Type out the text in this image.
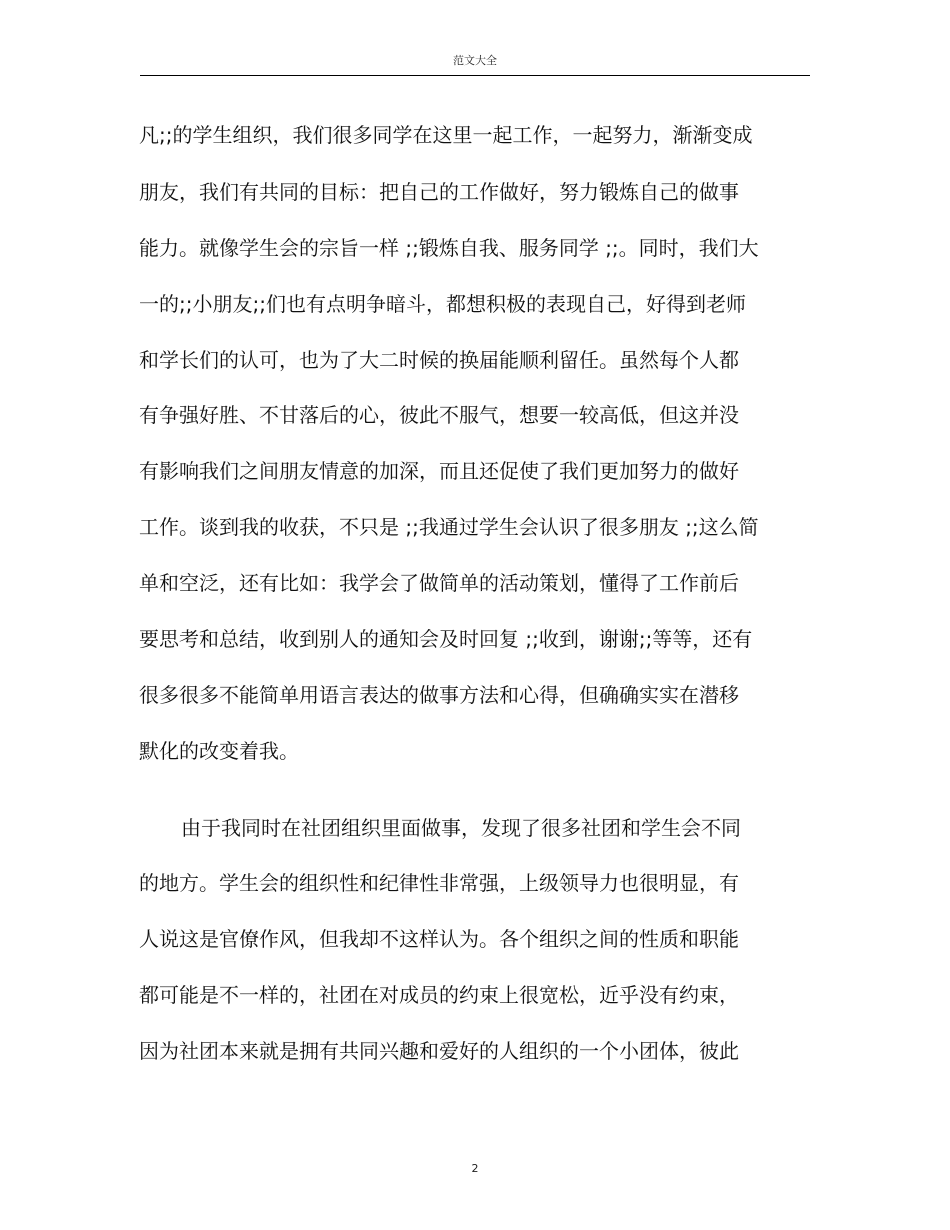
范文大全
凡;;的学生组织，我们很多同学在这里一起工作，一起努力，渐渐变成
朋友，我们有共同的目标：把自己的工作做好，努力锻炼自己的做事
能力。就像学生会的宗旨一样 ;;锻炼自我、服务同学 ;;。同时，我们大
一的;;小朋友;;们也有点明争暗斗，都想积极的表现自己，好得到老师
和学长们的认可，也为了大二时候的换届能顺利留任。虽然每个人都
有争强好胜、不甘落后的心，彼此不服气，想要一较高低，但这并没
有影响我们之间朋友情意的加深，而且还促使了我们更加努力的做好
工作。谈到我的收获，不只是 ;;我通过学生会认识了很多朋友 ;;这么简
单和空泛，还有比如：我学会了做简单的活动策划，懂得了工作前后
要思考和总结，收到别人的通知会及时回复 ;;收到，谢谢;;等等，还有
很多很多不能简单用语言表达的做事方法和心得，但确确实实在潜移
默化的改变着我。
由于我同时在社团组织里面做事，发现了很多社团和学生会不同
的地方。学生会的组织性和纪律性非常强，上级领导力也很明显，有
人说这是官僚作风，但我却不这样认为。各个组织之间的性质和职能
都可能是不一样的，社团在对成员的约束上很宽松，近乎没有约束，
因为社团本来就是拥有共同兴趣和爱好的人组织的一个小团体，彼此
2
